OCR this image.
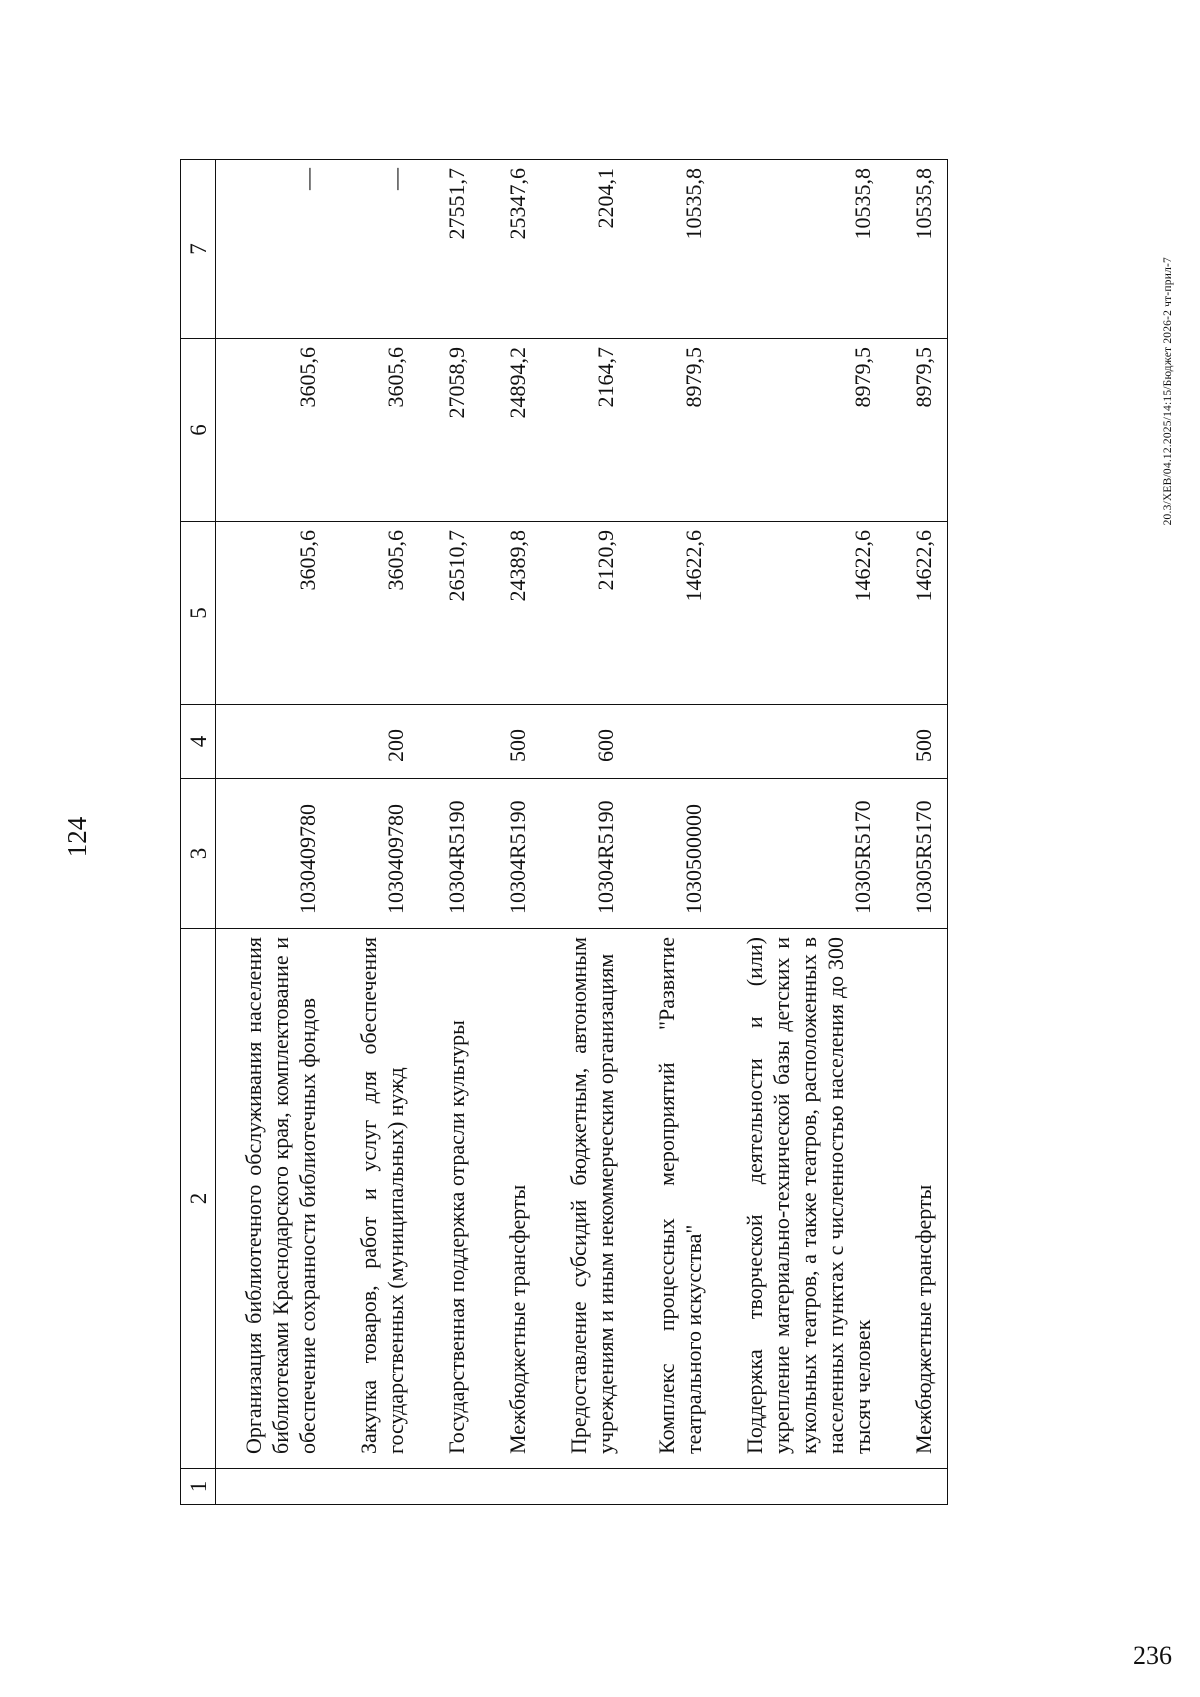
124
1	2	3	4	5	6	7
	Организация библиотечного обслуживания населения библиотеками Краснодарского края, комплектование и обеспечение сохранности библиотечных фондов	1030409780		3605,6	3605,6	—
	Закупка товаров, работ и услуг для обеспечения государственных (муниципальных) нужд	1030409780	200	3605,6	3605,6	—
	Государственная поддержка отрасли культуры	10304R5190		26510,7	27058,9	27551,7
	Межбюджетные трансферты	10304R5190	500	24389,8	24894,2	25347,6
	Предоставление субсидий бюджетным, автономным учреждениям и иным некоммерческим организациям	10304R5190	600	2120,9	2164,7	2204,1
	Комплекс процессных мероприятий "Развитие театрального искусства"	1030500000		14622,6	8979,5	10535,8
	Поддержка творческой деятельности и (или) укрепление материально-технической базы детских и кукольных театров, а также театров, расположенных в населенных пунктах с численностью населения до 300 тысяч человек	10305R5170		14622,6	8979,5	10535,8
	Межбюджетные трансферты	10305R5170	500	14622,6	8979,5	10535,8
20.3/ХЕВ/04.12.2025/14:15/Бюджет 2026-2 чт-прил-7
236
